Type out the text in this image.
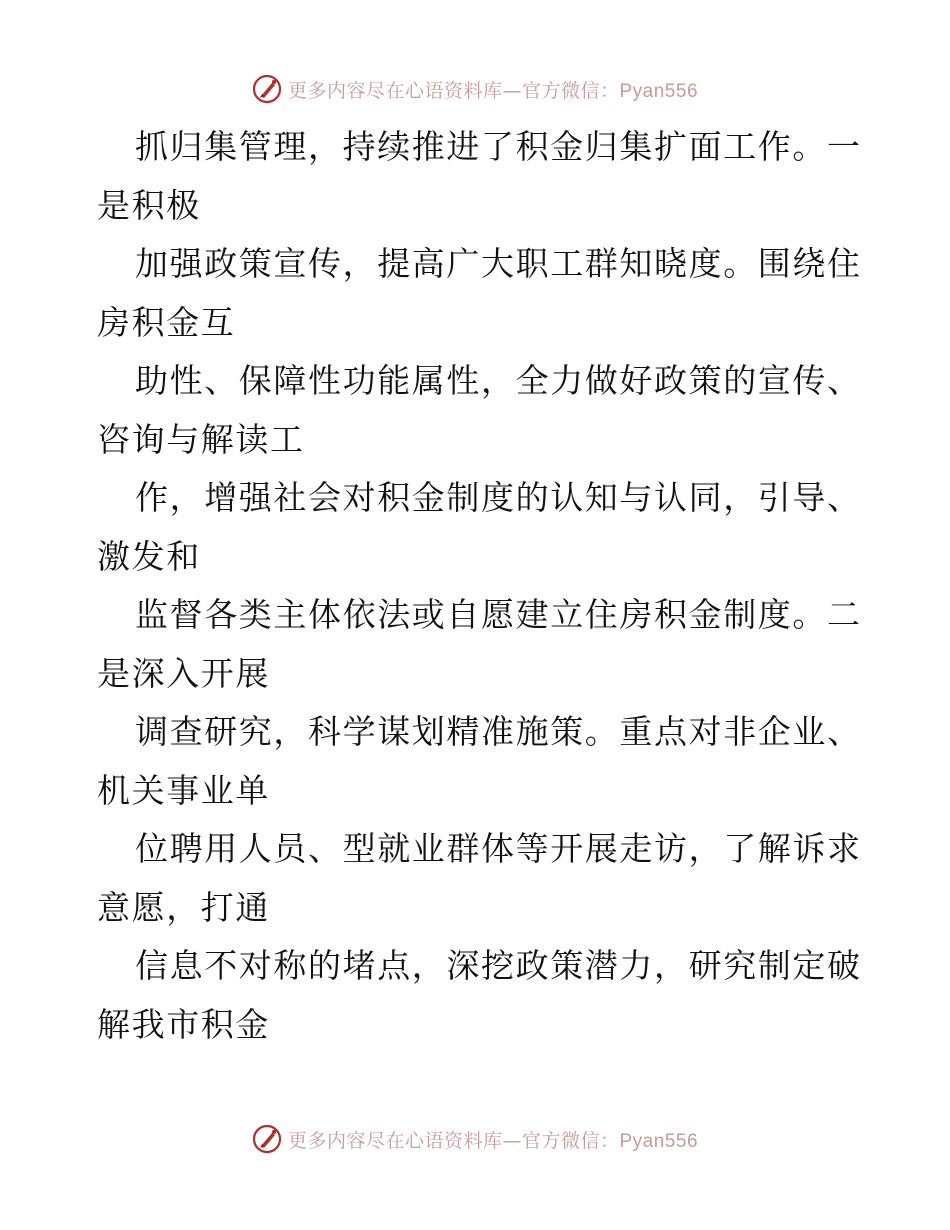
更多内容尽在心语资料库—官方微信：Pyan556
抓归集管理，持续推进了积金归集扩面工作。一
是积极
加强政策宣传，提高广大职工群知晓度。围绕住
房积金互
助性、保障性功能属性，全力做好政策的宣传、
咨询与解读工
作，增强社会对积金制度的认知与认同，引导、
激发和
监督各类主体依法或自愿建立住房积金制度。二
是深入开展
调查研究，科学谋划精准施策。重点对非企业、
机关事业单
位聘用人员、型就业群体等开展走访，了解诉求
意愿，打通
信息不对称的堵点，深挖政策潜力，研究制定破
解我市积金
更多内容尽在心语资料库—官方微信：Pyan556
